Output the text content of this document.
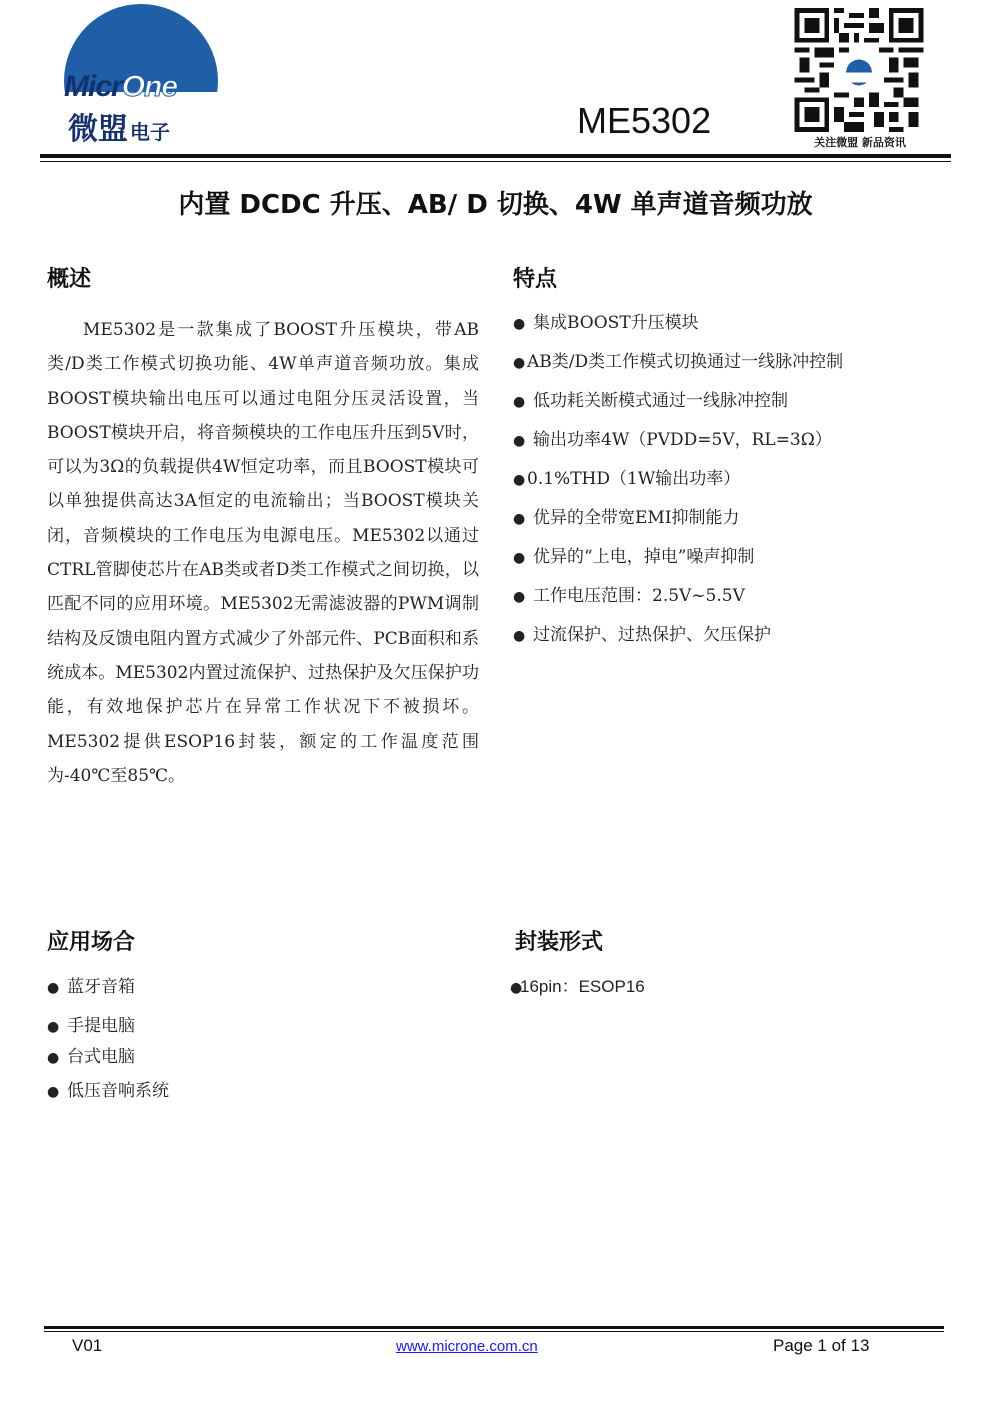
MicrOne
微盟 电子	ME5302
关注微盟 新品资讯
内置 DCDC 升压、AB/ D 切换、4W 单声道音频功放
概述

ME5302是一款集成了BOOST升压模块，带AB类/D类工作模式切换功能、4W单声道音频功放。集成BOOST模块输出电压可以通过电阻分压灵活设置，当BOOST模块开启，将音频模块的工作电压升压到5V时，可以为3Ω的负载提供4W恒定功率，而且BOOST模块可以单独提供高达3A恒定的电流输出；当BOOST模块关闭，音频模块的工作电压为电源电压。ME5302以通过CTRL管脚使芯片在AB类或者D类工作模式之间切换，以匹配不同的应用环境。ME5302无需滤波器的PWM调制结构及反馈电阻内置方式减少了外部元件、PCB面积和系统成本。ME5302内置过流保护、过热保护及欠压保护功能，有效地保护芯片在异常工作状况下不被损坏。ME5302提供ESOP16封装，额定的工作温度范围为-40℃至85℃。

特点
● 集成BOOST升压模块
● AB类/D类工作模式切换通过一线脉冲控制
● 低功耗关断模式通过一线脉冲控制
● 输出功率4W（PVDD=5V，RL=3Ω）
● 0.1%THD（1W输出功率）
● 优异的全带宽EMI抑制能力
● 优异的“上电，掉电”噪声抑制
● 工作电压范围：2.5V~5.5V
● 过流保护、过热保护、欠压保护
应用场合
● 蓝牙音箱
● 手提电脑
● 台式电脑
● 低压音响系统
封装形式
●16pin：ESOP16
V01	www.microne.com.cn	Page 1 of 13
